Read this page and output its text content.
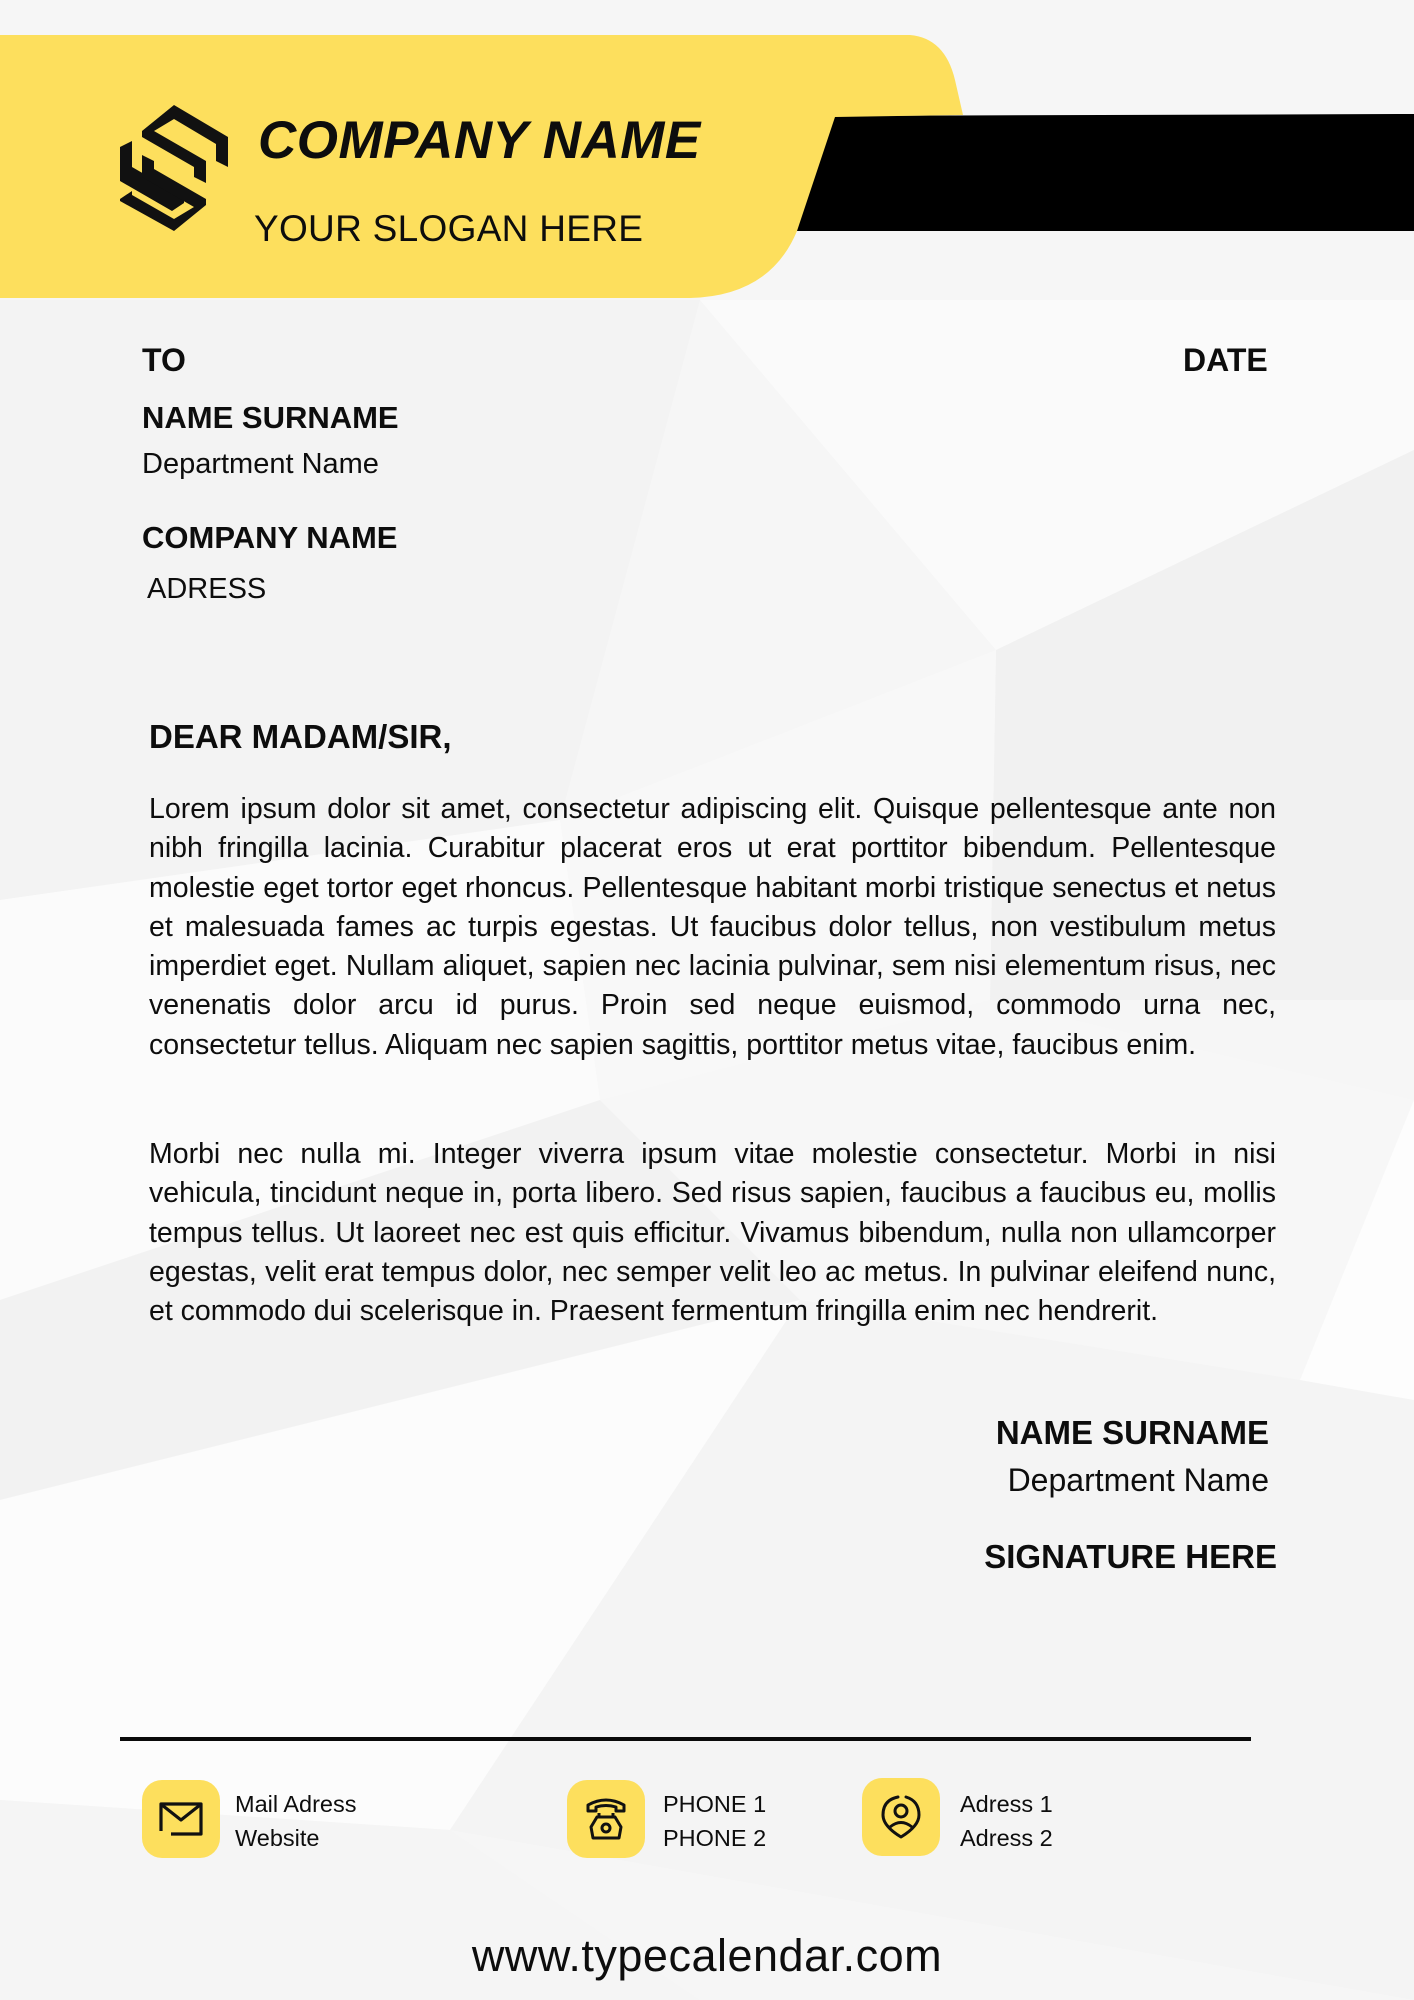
COMPANY NAME
YOUR SLOGAN HERE
TO	DATE
NAME SURNAME
Department Name
COMPANY NAME
ADRESS
DEAR MADAM/SIR,
Lorem ipsum dolor sit amet, consectetur adipiscing elit. Quisque pellentesque ante non nibh fringilla lacinia. Curabitur placerat eros ut erat porttitor bibendum. Pellentesque molestie eget tortor eget rhoncus. Pellentesque habitant morbi tristique senectus et netus et malesuada fames ac turpis egestas. Ut faucibus dolor tellus, non vestibulum metus imperdiet eget. Nullam aliquet, sapien nec lacinia pulvinar, sem nisi elementum risus, nec venenatis dolor arcu id purus. Proin sed neque euismod, commodo urna nec, consectetur tellus. Aliquam nec sapien sagittis, porttitor metus vitae, faucibus enim.
Morbi nec nulla mi. Integer viverra ipsum vitae molestie consectetur. Morbi in nisi vehicula, tincidunt neque in, porta libero. Sed risus sapien, faucibus a faucibus eu, mollis tempus tellus. Ut laoreet nec est quis efficitur. Vivamus bibendum, nulla non ullamcorper egestas, velit erat tempus dolor, nec semper velit leo ac metus. In pulvinar eleifend nunc, et commodo dui scelerisque in. Praesent fermentum fringilla enim nec hendrerit.
NAME SURNAME
Department Name
SIGNATURE HERE
Mail Adress
Website
PHONE 1
PHONE 2
Adress 1
Adress 2
www.typecalendar.com
